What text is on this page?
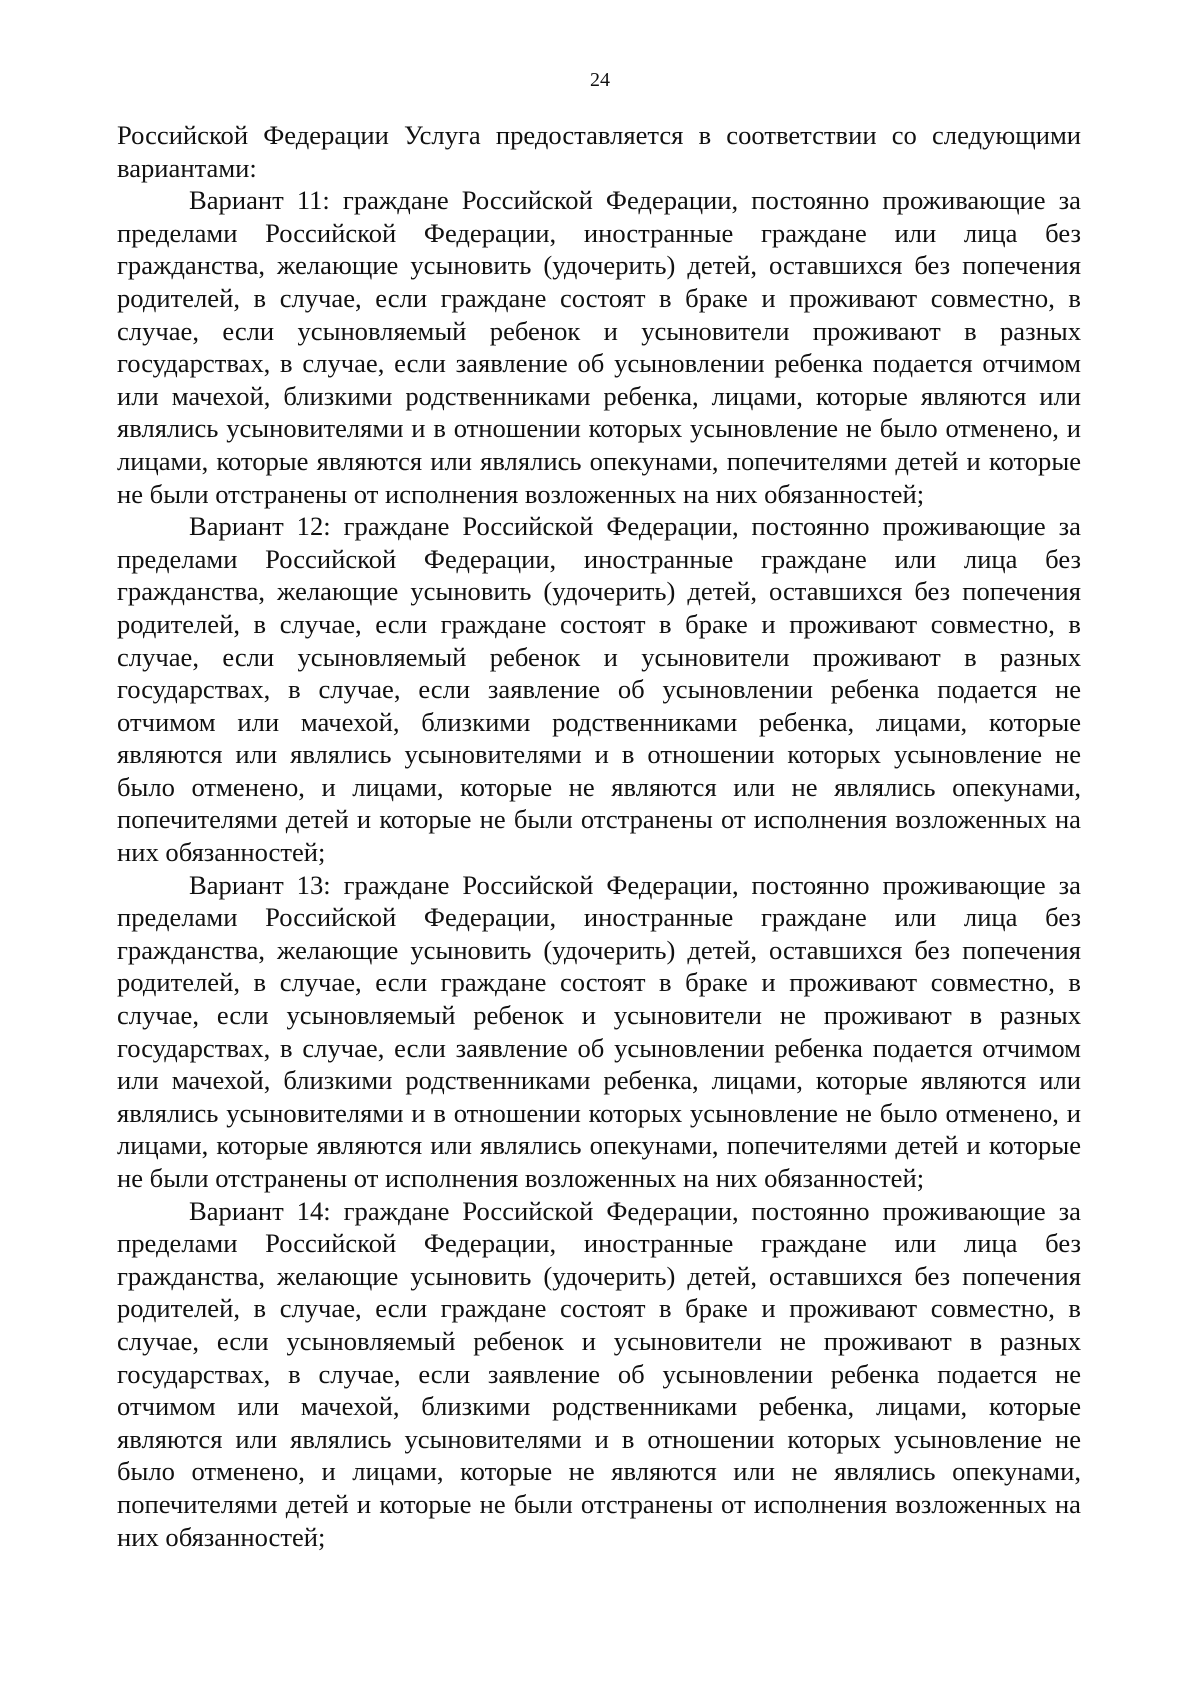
24

Российской Федерации Услуга предоставляется в соответствии со следующими вариантами:

Вариант 11: граждане Российской Федерации, постоянно проживающие за пределами Российской Федерации, иностранные граждане или лица без гражданства, желающие усыновить (удочерить) детей, оставшихся без попечения родителей, в случае, если граждане состоят в браке и проживают совместно, в случае, если усыновляемый ребенок и усыновители проживают в разных государствах, в случае, если заявление об усыновлении ребенка подается отчимом или мачехой, близкими родственниками ребенка, лицами, которые являются или являлись усыновителями и в отношении которых усыновление не было отменено, и лицами, которые являются или являлись опекунами, попечителями детей и которые не были отстранены от исполнения возложенных на них обязанностей;

Вариант 12: граждане Российской Федерации, постоянно проживающие за пределами Российской Федерации, иностранные граждане или лица без гражданства, желающие усыновить (удочерить) детей, оставшихся без попечения родителей, в случае, если граждане состоят в браке и проживают совместно, в случае, если усыновляемый ребенок и усыновители проживают в разных государствах, в случае, если заявление об усыновлении ребенка подается не отчимом или мачехой, близкими родственниками ребенка, лицами, которые являются или являлись усыновителями и в отношении которых усыновление не было отменено, и лицами, которые не являются или не являлись опекунами, попечителями детей и которые не были отстранены от исполнения возложенных на них обязанностей;

Вариант 13: граждане Российской Федерации, постоянно проживающие за пределами Российской Федерации, иностранные граждане или лица без гражданства, желающие усыновить (удочерить) детей, оставшихся без попечения родителей, в случае, если граждане состоят в браке и проживают совместно, в случае, если усыновляемый ребенок и усыновители не проживают в разных государствах, в случае, если заявление об усыновлении ребенка подается отчимом или мачехой, близкими родственниками ребенка, лицами, которые являются или являлись усыновителями и в отношении которых усыновление не было отменено, и лицами, которые являются или являлись опекунами, попечителями детей и которые не были отстранены от исполнения возложенных на них обязанностей;

Вариант 14: граждане Российской Федерации, постоянно проживающие за пределами Российской Федерации, иностранные граждане или лица без гражданства, желающие усыновить (удочерить) детей, оставшихся без попечения родителей, в случае, если граждане состоят в браке и проживают совместно, в случае, если усыновляемый ребенок и усыновители не проживают в разных государствах, в случае, если заявление об усыновлении ребенка подается не отчимом или мачехой, близкими родственниками ребенка, лицами, которые являются или являлись усыновителями и в отношении которых усыновление не было отменено, и лицами, которые не являются или не являлись опекунами, попечителями детей и которые не были отстранены от исполнения возложенных на них обязанностей;
